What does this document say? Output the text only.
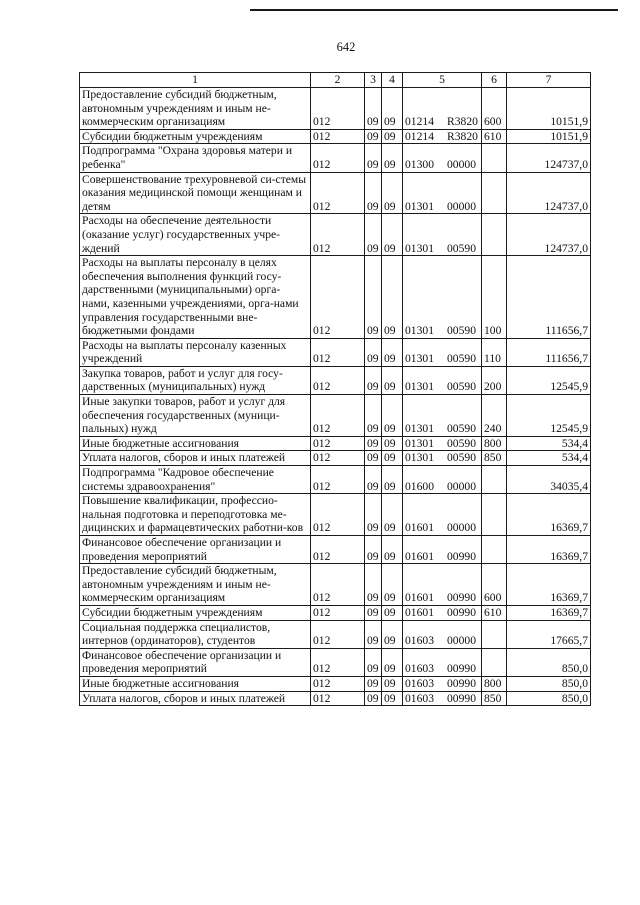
642
1	2	3	4	5	6	7
Предоставление субсидий бюджетным, автономным учреждениям и иным не-коммерческим организациям	012	09	09	01214 R3820	600	10151,9
Субсидии бюджетным учреждениям	012	09	09	01214 R3820	610	10151,9
Подпрограмма "Охрана здоровья матери и ребенка"	012	09	09	01300 00000		124737,0
Совершенствование трехуровневой си-стемы оказания медицинской помощи женщинам и детям	012	09	09	01301 00000		124737,0
Расходы на обеспечение деятельности (оказание услуг) государственных учре-ждений	012	09	09	01301 00590		124737,0
Расходы на выплаты персоналу в целях обеспечения выполнения функций госу-дарственными (муниципальными) орга-нами, казенными учреждениями, орга-нами управления государственными вне-бюджетными фондами	012	09	09	01301 00590	100	111656,7
Расходы на выплаты персоналу казенных учреждений	012	09	09	01301 00590	110	111656,7
Закупка товаров, работ и услуг для госу-дарственных (муниципальных) нужд	012	09	09	01301 00590	200	12545,9
Иные закупки товаров, работ и услуг для обеспечения государственных (муници-пальных) нужд	012	09	09	01301 00590	240	12545,9
Иные бюджетные ассигнования	012	09	09	01301 00590	800	534,4
Уплата налогов, сборов и иных платежей	012	09	09	01301 00590	850	534,4
Подпрограмма "Кадровое обеспечение системы здравоохранения"	012	09	09	01600 00000		34035,4
Повышение квалификации, профессио-нальная подготовка и переподготовка ме-дицинских и фармацевтических работни-ков	012	09	09	01601 00000		16369,7
Финансовое обеспечение организации и проведения мероприятий	012	09	09	01601 00990		16369,7
Предоставление субсидий бюджетным, автономным учреждениям и иным не-коммерческим организациям	012	09	09	01601 00990	600	16369,7
Субсидии бюджетным учреждениям	012	09	09	01601 00990	610	16369,7
Социальная поддержка специалистов, интернов (ординаторов), студентов	012	09	09	01603 00000		17665,7
Финансовое обеспечение организации и проведения мероприятий	012	09	09	01603 00990		850,0
Иные бюджетные ассигнования	012	09	09	01603 00990	800	850,0
Уплата налогов, сборов и иных платежей	012	09	09	01603 00990	850	850,0
